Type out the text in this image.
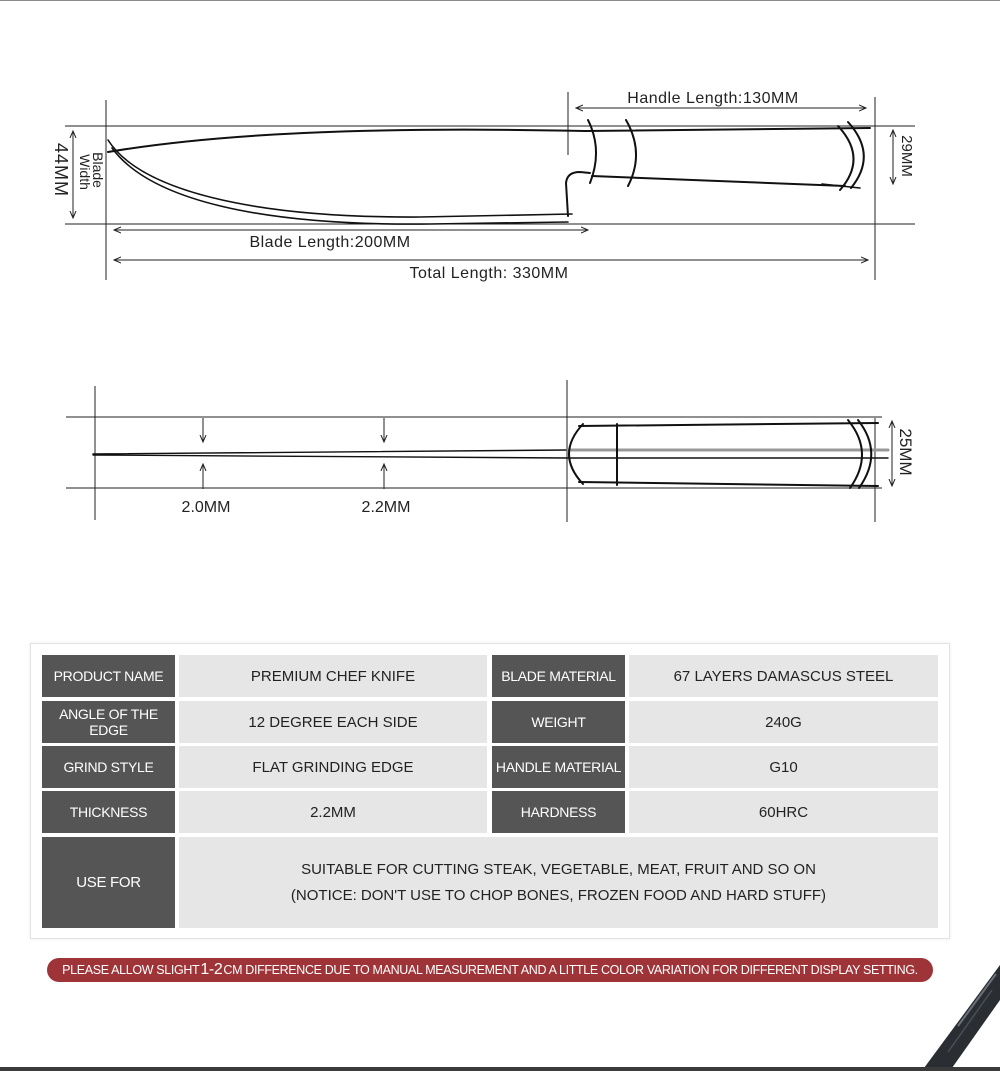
Handle Length:130MM
Blade Length:200MM
Total Length: 330MM
44MM	Blade Width	29MM
2.0MM	2.2MM
25MM
PRODUCT NAME	PREMIUM CHEF KNIFE	BLADE MATERIAL	67 LAYERS DAMASCUS STEEL
ANGLE OF THE EDGE	12 DEGREE EACH SIDE	WEIGHT	240G
GRIND STYLE	FLAT GRINDING EDGE	HANDLE MATERIAL	G10
THICKNESS	2.2MM	HARDNESS	60HRC
USE FOR
SUITABLE FOR CUTTING STEAK, VEGETABLE, MEAT, FRUIT AND SO ON
(NOTICE: DON'T USE TO CHOP BONES, FROZEN FOOD AND HARD STUFF)
PLEASE ALLOW SLIGHT 1-2 CM DIFFERENCE DUE TO MANUAL MEASUREMENT AND A LITTLE COLOR VARIATION FOR DIFFERENT DISPLAY SETTING.
